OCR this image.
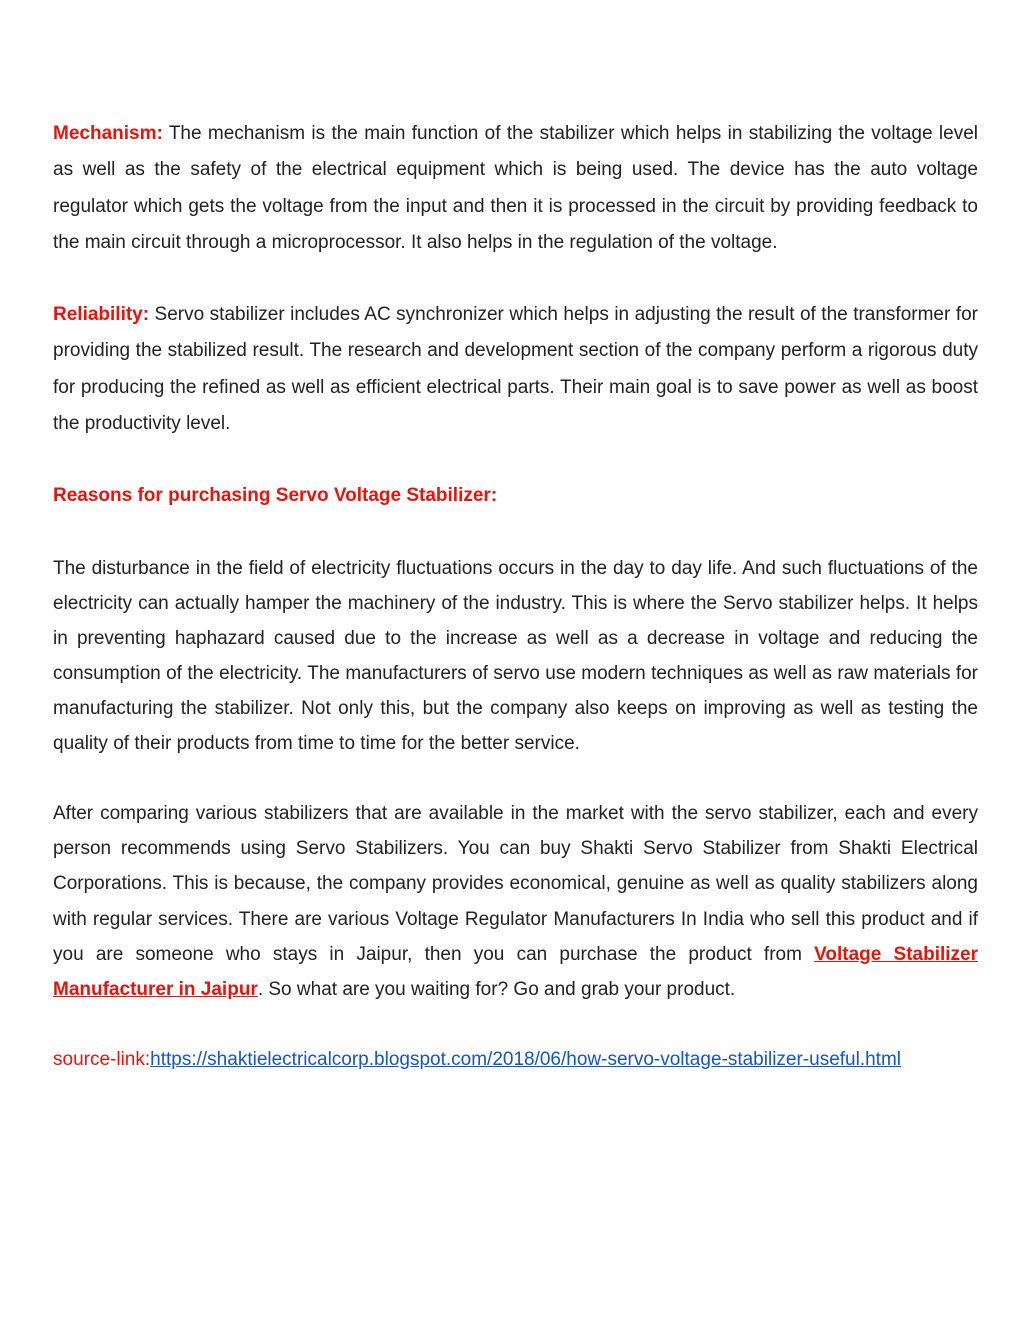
Mechanism: The mechanism is the main function of the stabilizer which helps in stabilizing the voltage level as well as the safety of the electrical equipment which is being used. The device has the auto voltage regulator which gets the voltage from the input and then it is processed in the circuit by providing feedback to the main circuit through a microprocessor. It also helps in the regulation of the voltage.

Reliability: Servo stabilizer includes AC synchronizer which helps in adjusting the result of the transformer for providing the stabilized result. The research and development section of the company perform a rigorous duty for producing the refined as well as efficient electrical parts. Their main goal is to save power as well as boost the productivity level.

Reasons for purchasing Servo Voltage Stabilizer:

The disturbance in the field of electricity fluctuations occurs in the day to day life. And such fluctuations of the electricity can actually hamper the machinery of the industry. This is where the Servo stabilizer helps. It helps in preventing haphazard caused due to the increase as well as a decrease in voltage and reducing the consumption of the electricity. The manufacturers of servo use modern techniques as well as raw materials for manufacturing the stabilizer. Not only this, but the company also keeps on improving as well as testing the quality of their products from time to time for the better service.

After comparing various stabilizers that are available in the market with the servo stabilizer, each and every person recommends using Servo Stabilizers. You can buy Shakti Servo Stabilizer from Shakti Electrical Corporations. This is because, the company provides economical, genuine as well as quality stabilizers along with regular services. There are various Voltage Regulator Manufacturers In India who sell this product and if you are someone who stays in Jaipur, then you can purchase the product from Voltage Stabilizer Manufacturer in Jaipur. So what are you waiting for? Go and grab your product.

source-link:https://shaktielectricalcorp.blogspot.com/2018/06/how-servo-voltage-stabilizer-useful.html
